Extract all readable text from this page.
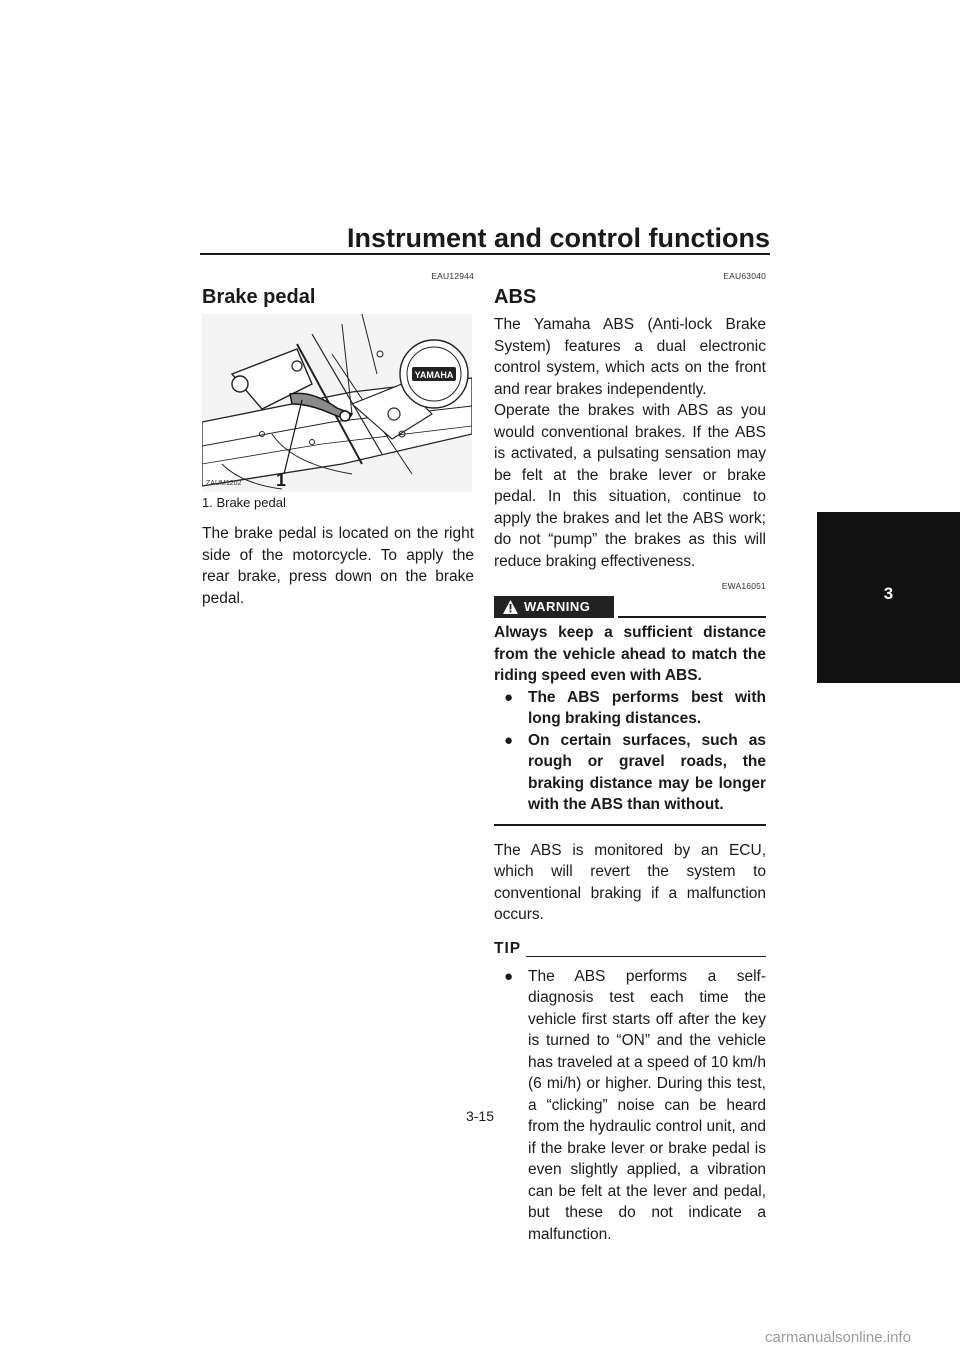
Instrument and control functions
3
EAU12944
Brake pedal
YAMAHA
ZAUM1202 1
1. Brake pedal

The brake pedal is located on the right side of the motorcycle. To apply the rear brake, press down on the brake pedal.

EAU63040
ABS

The Yamaha ABS (Anti-lock Brake System) features a dual electronic control system, which acts on the front and rear brakes independently.

Operate the brakes with ABS as you would conventional brakes. If the ABS is activated, a pulsating sensation may be felt at the brake lever or brake pedal. In this situation, continue to apply the brakes and let the ABS work; do not “pump” the brakes as this will reduce braking effectiveness.

EWA16051
WARNING

Always keep a sufficient distance from the vehicle ahead to match the riding speed even with ABS.

● The ABS performs best with long braking distances.
● On certain surfaces, such as rough or gravel roads, the braking distance may be longer with the ABS than without.

The ABS is monitored by an ECU, which will revert the system to conventional braking if a malfunction occurs.

TIP
● The ABS performs a self-diagnosis test each time the vehicle first starts off after the key is turned to “ON” and the vehicle has traveled at a speed of 10 km/h (6 mi/h) or higher. During this test, a “clicking” noise can be heard from the hydraulic control unit, and if the brake lever or brake pedal is even slightly applied, a vibration can be felt at the lever and pedal, but these do not indicate a malfunction.
3-15
carmanualsonline.info
